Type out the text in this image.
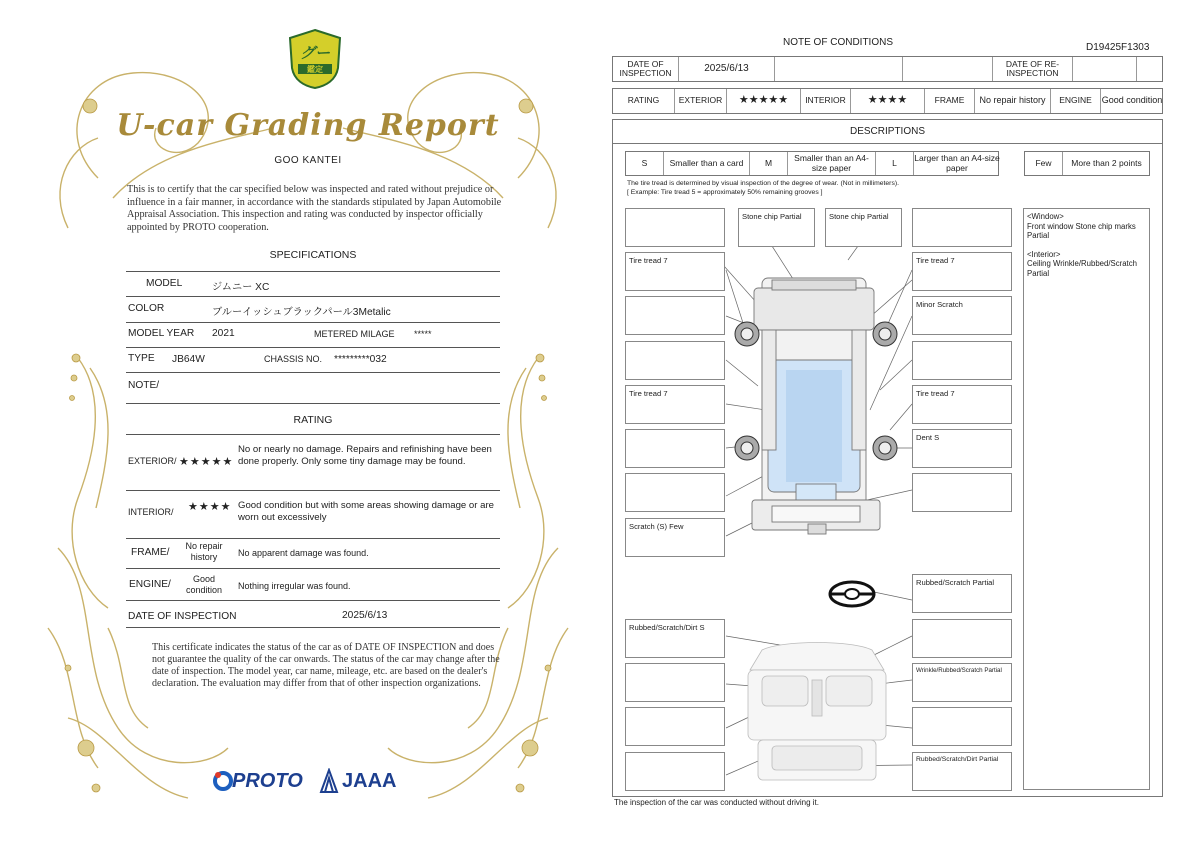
グー
鑑定
U-car Grading Report
GOO KANTEI
This is to certify that the car specified below was inspected and rated without prejudice or influence in a fair manner, in accordance with the standards stipulated by Japan Automobile Appraisal Association. This inspection and rating was conducted by inspector officially appointed by PROTO cooperation.
SPECIFICATIONS
MODEL	ジムニー XC
COLOR	ブルーイッシュブラックパール3Metalic
MODEL YEAR 2021	METERED MILAGE *****
TYPE JB64W	CHASSIS NO. *********032
NOTE/
RATING
EXTERIOR/ ★★★★★
No or nearly no damage. Repairs and refinishing have been done properly. Only some tiny damage may be found.
INTERIOR/ ★★★★ Good condition but with some areas showing damage or are worn out excessively
FRAME/
No repair history	No apparent damage was found.
ENGINE/	Good condition	Nothing irregular was found.
DATE OF INSPECTION	2025/6/13
This certificate indicates the status of the car as of DATE OF INSPECTION and does not guarantee the quality of the car onwards. The status of the car may change after the date of inspection. The model year, car name, mileage, etc. are based on the dealer's declaration. The evaluation may differ from that of other inspection organizations.
PROTO JAAA
NOTE OF CONDITIONS	D19425F1303
DATE OF INSPECTION	2025/6/13	DATE OF RE-INSPECTION
RATING	EXTERIOR	★★★★★	INTERIOR	★★★★	FRAME	No repair history	ENGINE	Good condition
DESCRIPTIONS
S	Smaller than a card	M	Smaller than an A4-size paper	L	Larger than an A4-size paper	Few	More than 2 points
The tire tread is determined by visual inspection of the degree of wear. (Not in millimeters).
[ Example: Tire tread 5 = approximately 50% remaining grooves ]
Tire tread 7
Tire tread 7
Scratch (S) Few
Rubbed/Scratch/Dirt S
Stone chip Partial	Stone chip Partial
Tire tread 7
Minor Scratch
Tire tread 7
Dent S
Rubbed/Scratch Partial
Wrinkle/Rubbed/Scratch Partial
Rubbed/Scratch/Dirt Partial
<Window>
Front window Stone chip marks Partial
<Interior>
Ceiling Wrinkle/Rubbed/Scratch Partial
The inspection of the car was conducted without driving it.
